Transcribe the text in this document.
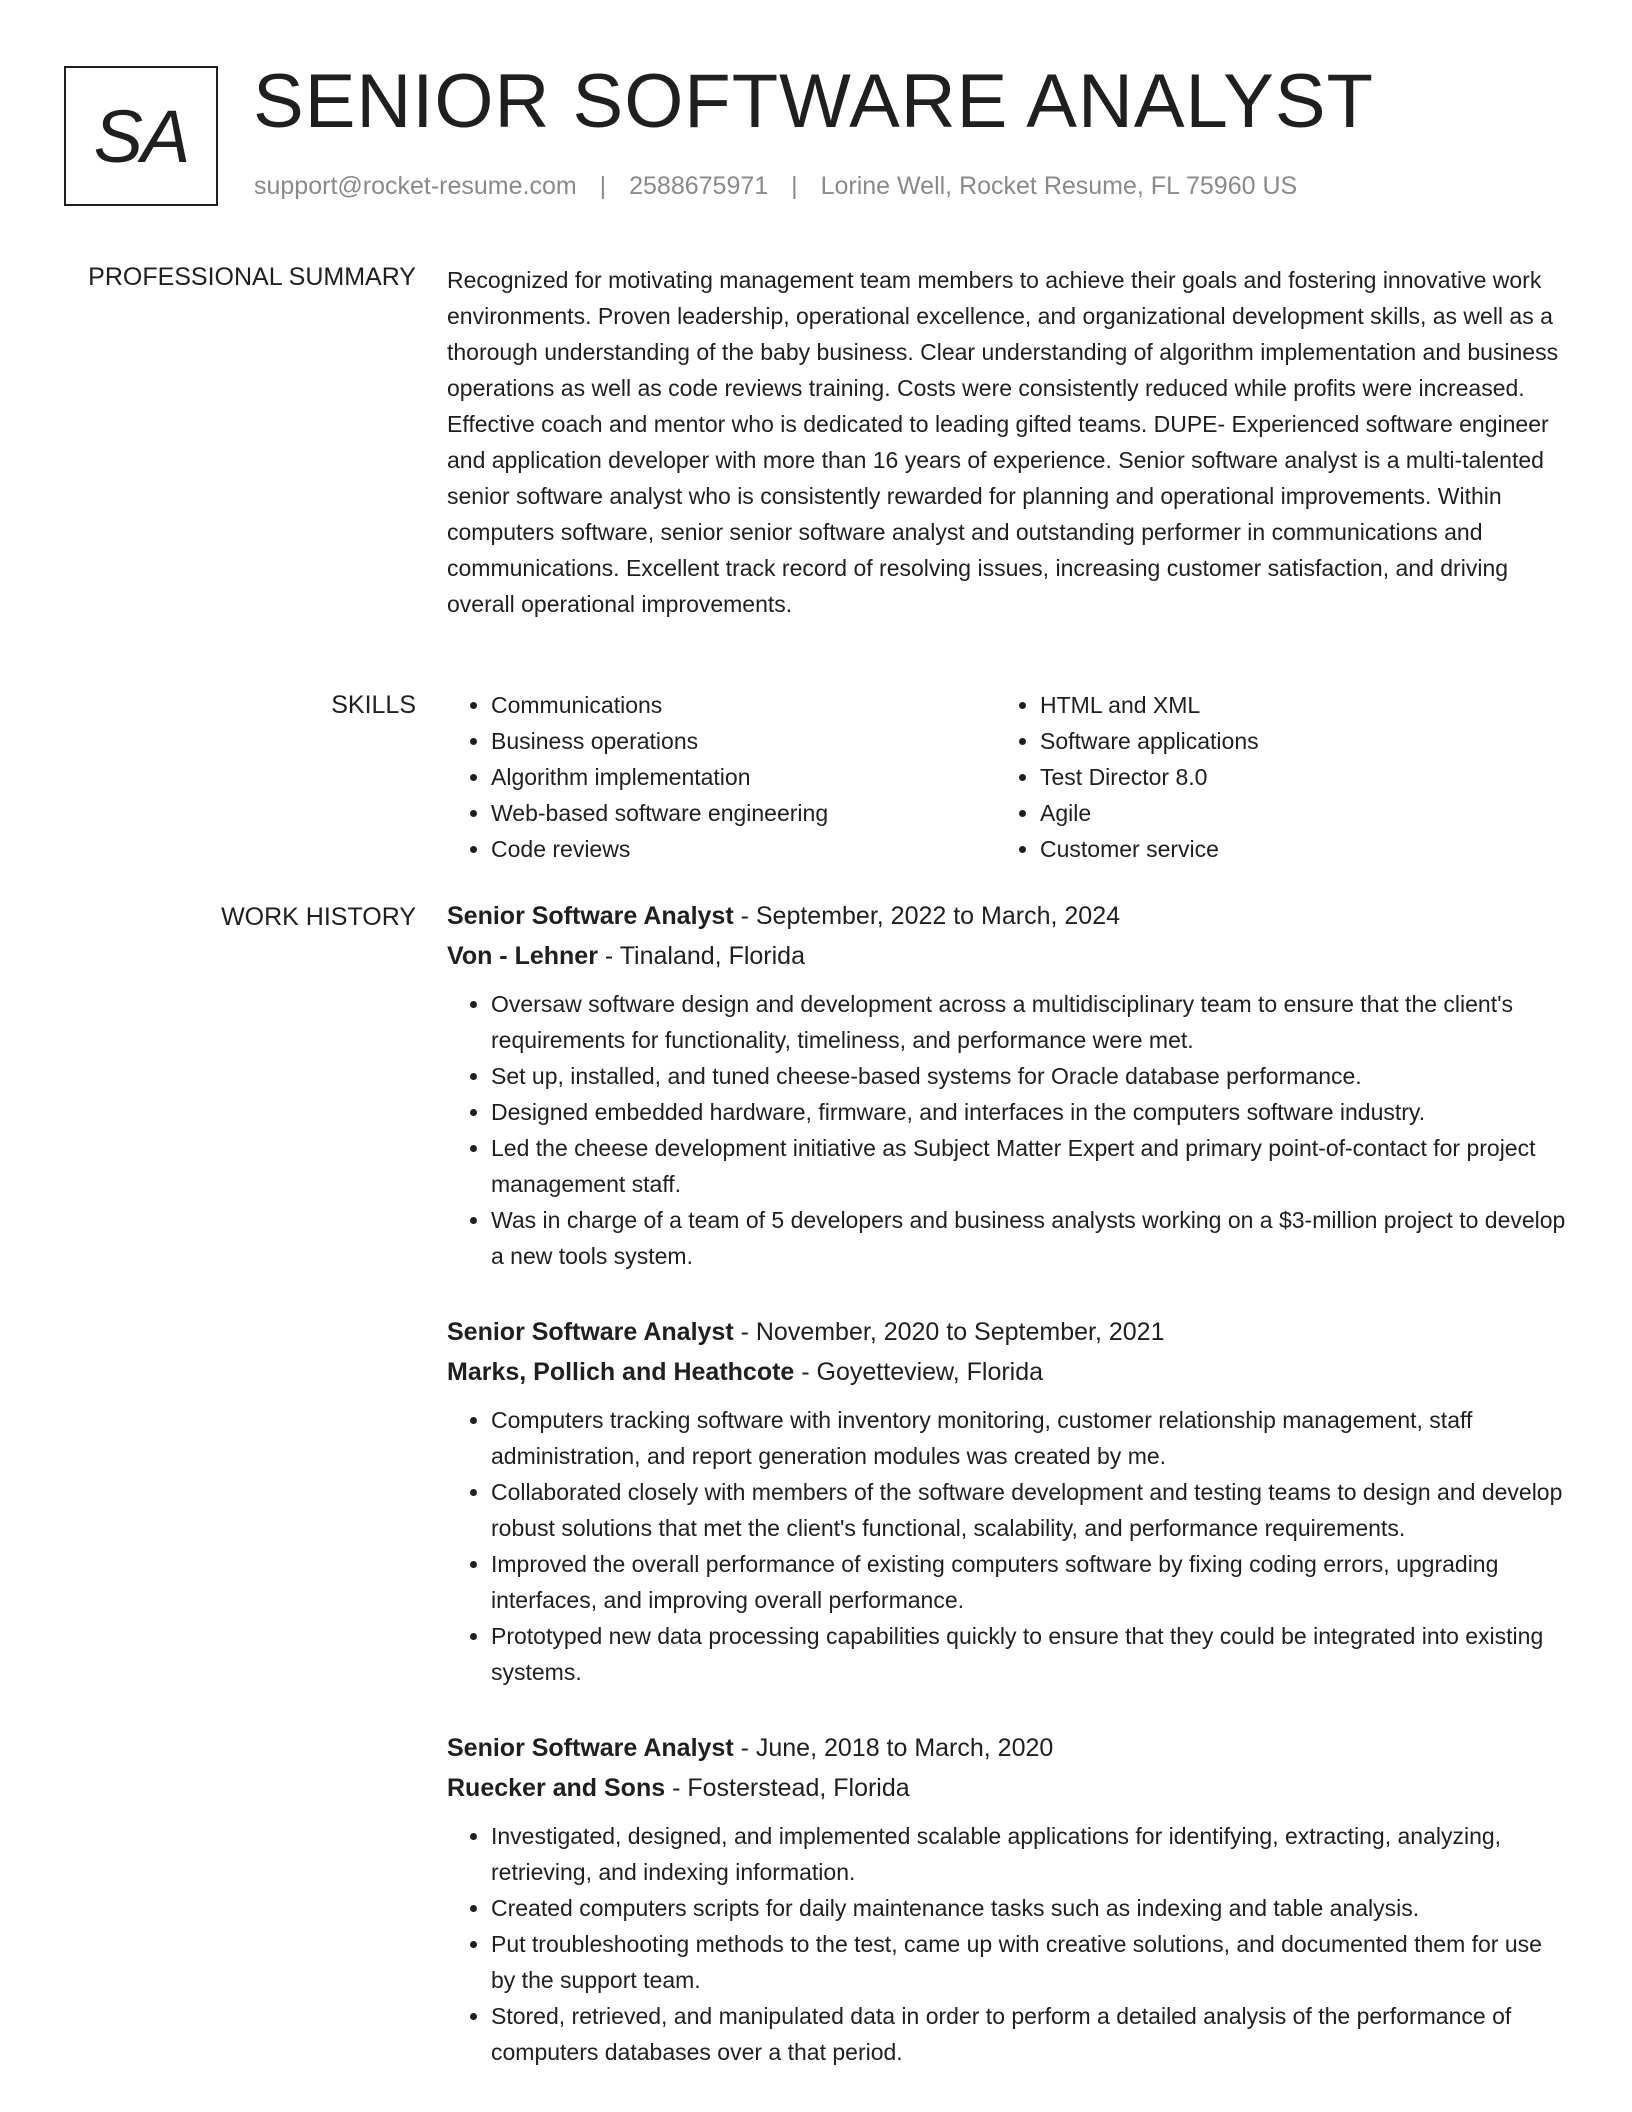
SA SENIOR SOFTWARE ANALYST
support@rocket-resume.com | 2588675971 | Lorine Well, Rocket Resume, FL 75960 US
PROFESSIONAL SUMMARY Recognized for motivating management team members to achieve their goals and fostering innovative work environments. Proven leadership, operational excellence, and organizational development skills, as well as a thorough understanding of the baby business. Clear understanding of algorithm implementation and business operations as well as code reviews training. Costs were consistently reduced while profits were increased. Effective coach and mentor who is dedicated to leading gifted teams. DUPE- Experienced software engineer and application developer with more than 16 years of experience. Senior software analyst is a multi-talented senior software analyst who is consistently rewarded for planning and operational improvements. Within computers software, senior senior software analyst and outstanding performer in communications and communications. Excellent track record of resolving issues, increasing customer satisfaction, and driving overall operational improvements.

SKILLS
•	Communications
• Business operations
• Algorithm implementation
• Web-based software engineering
• Code reviews
• HTML and XML
• Software applications
• Test Director 8.0
• Agile
• Customer service
WORK HISTORY Senior Software Analyst - September, 2022 to March, 2024
Von - Lehner - Tinaland, Florida
• Oversaw software design and development across a multidisciplinary team to ensure that the client's requirements for functionality, timeliness, and performance were met.
• Set up, installed, and tuned cheese-based systems for Oracle database performance.
• Designed embedded hardware, firmware, and interfaces in the computers software industry.
• Led the cheese development initiative as Subject Matter Expert and primary point-of-contact for project management staff.
• Was in charge of a team of 5 developers and business analysts working on a $3-million project to develop a new tools system.
Senior Software Analyst - November, 2020 to September, 2021
Marks, Pollich and Heathcote - Goyetteview, Florida
• Computers tracking software with inventory monitoring, customer relationship management, staff administration, and report generation modules was created by me.
• Collaborated closely with members of the software development and testing teams to design and develop robust solutions that met the client's functional, scalability, and performance requirements.
• Improved the overall performance of existing computers software by fixing coding errors, upgrading interfaces, and improving overall performance.
• Prototyped new data processing capabilities quickly to ensure that they could be integrated into existing systems.
Senior Software Analyst - June, 2018 to March, 2020
Ruecker and Sons - Fosterstead, Florida
• Investigated, designed, and implemented scalable applications for identifying, extracting, analyzing, retrieving, and indexing information.
• Created computers scripts for daily maintenance tasks such as indexing and table analysis.
• Put troubleshooting methods to the test, came up with creative solutions, and documented them for use by the support team.
• Stored, retrieved, and manipulated data in order to perform a detailed analysis of the performance of computers databases over a that period.
